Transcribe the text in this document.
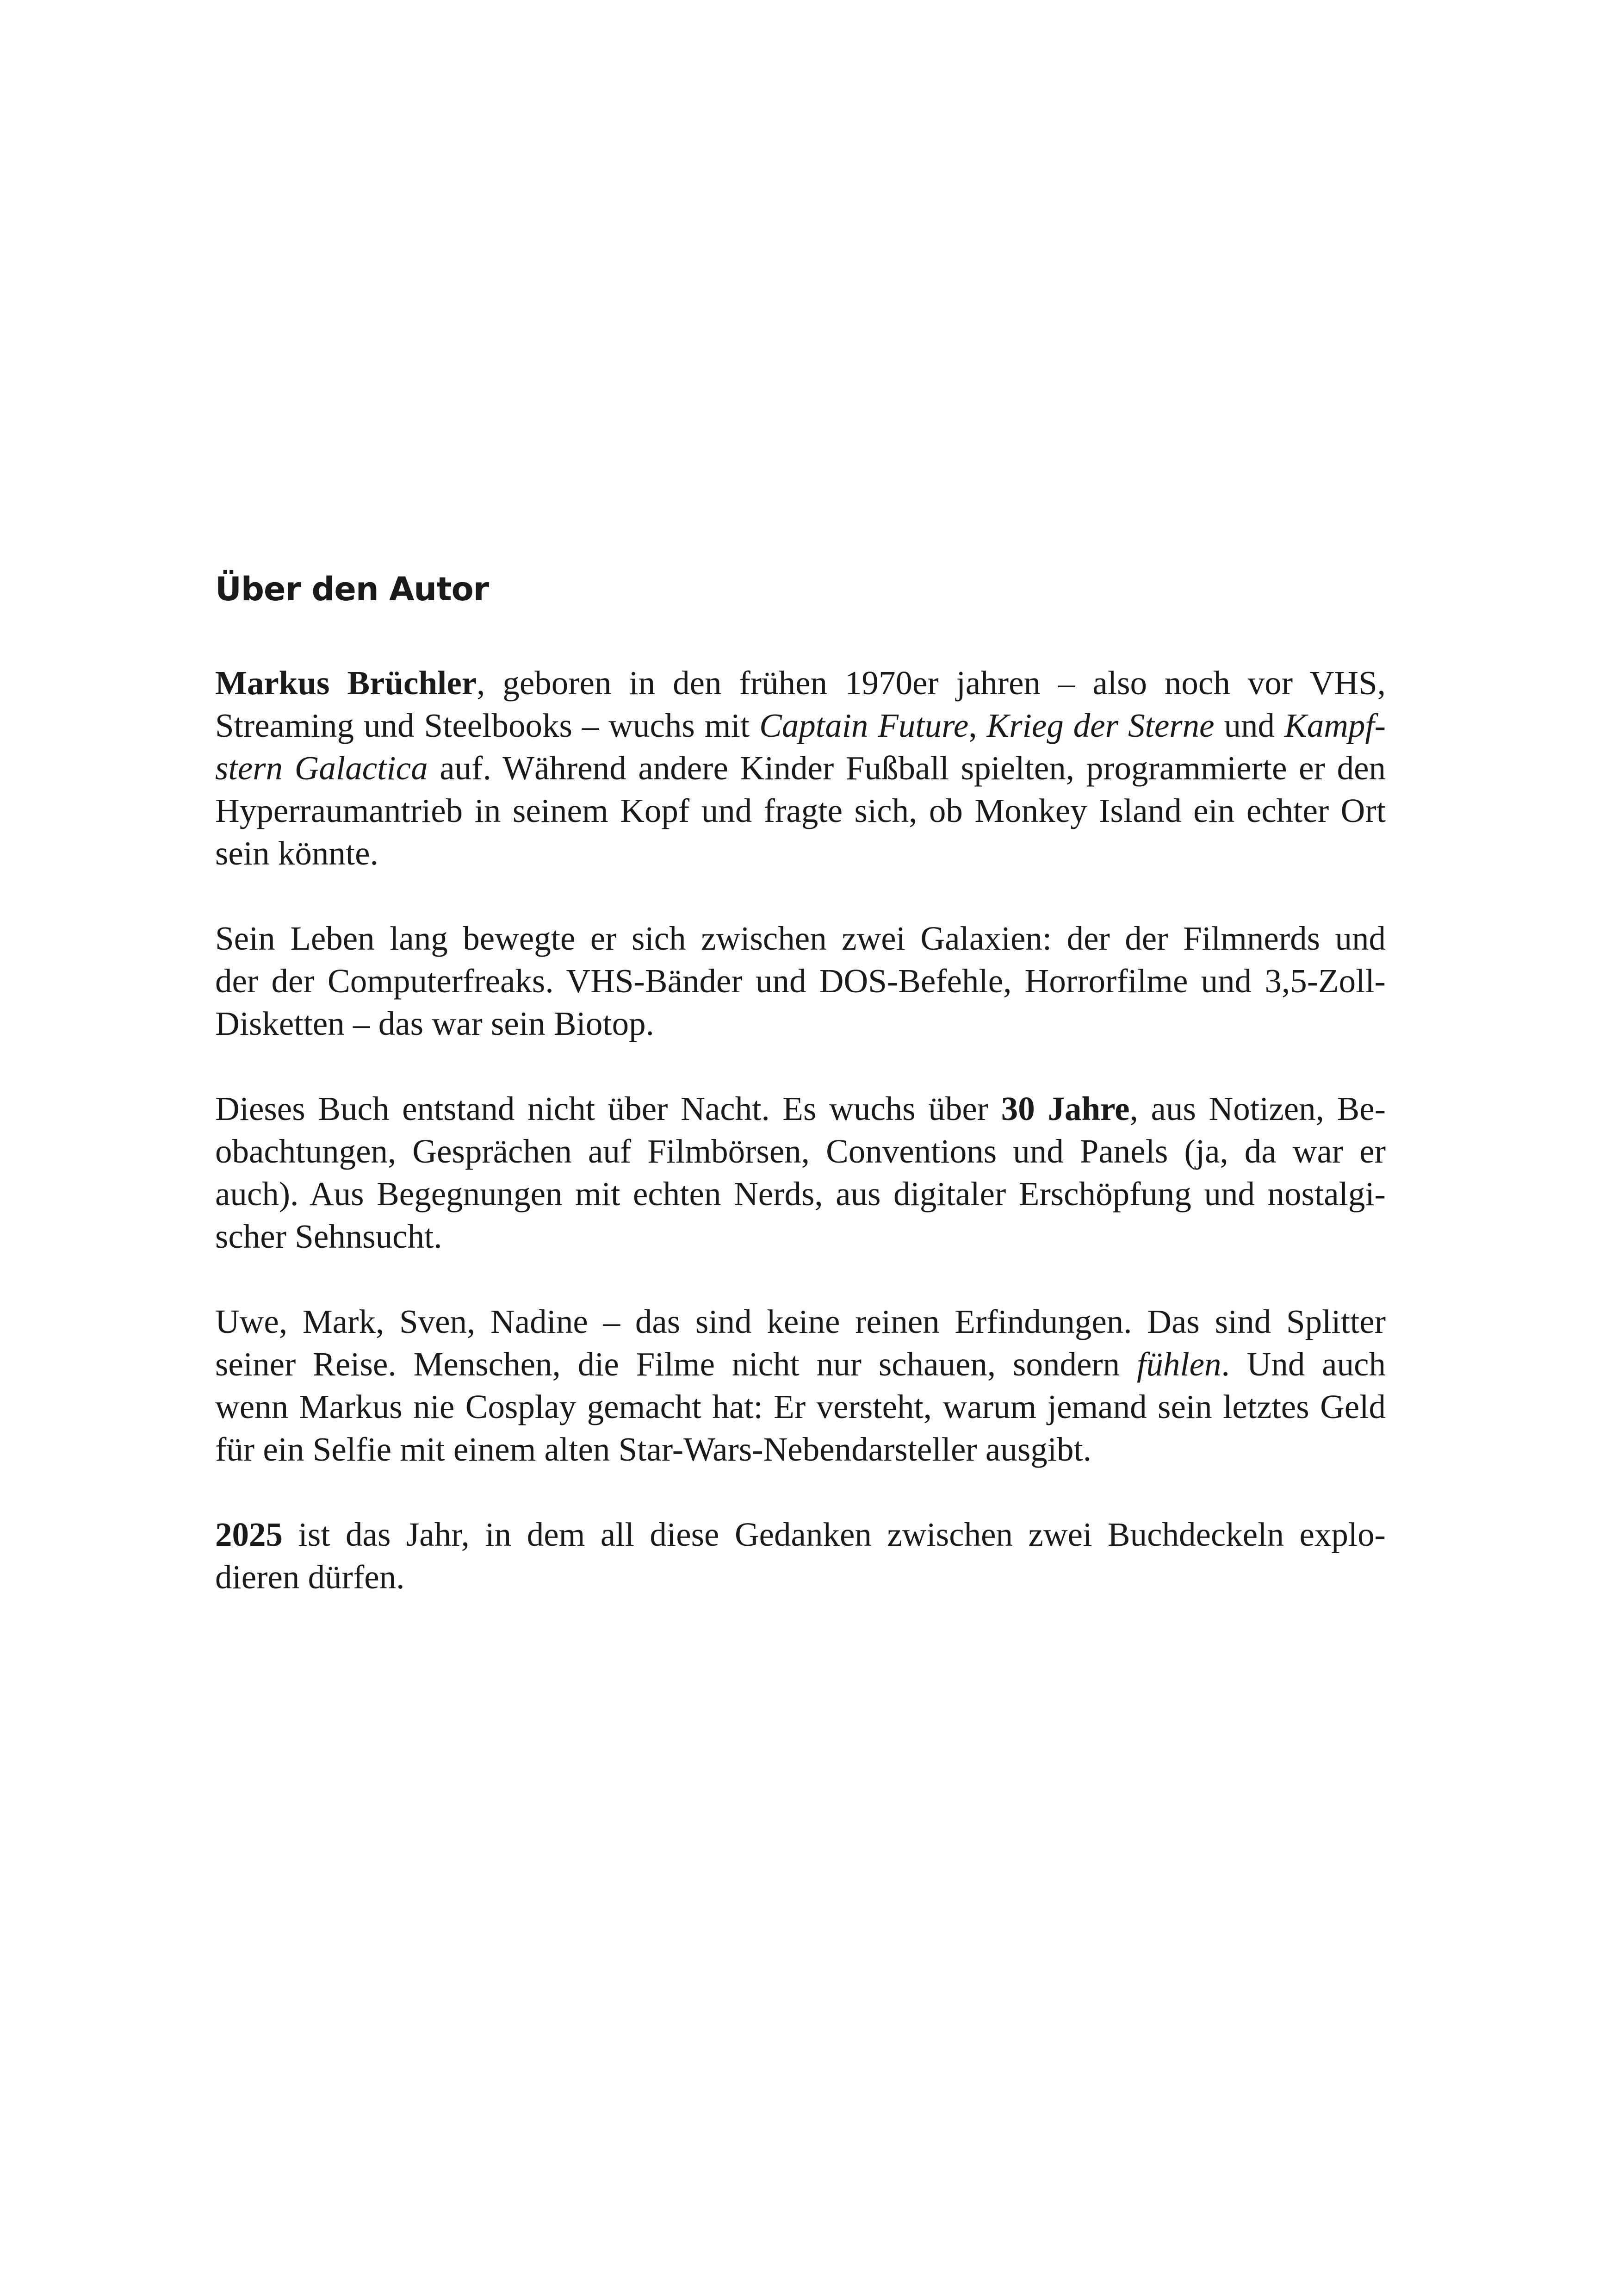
Über den Autor

Markus Brüchler, geboren in den frühen 1970er jahren – also noch vor VHS,
Streaming und Steelbooks – wuchs mit Captain Future, Krieg der Sterne und Kampf-
stern Galactica auf. Während andere Kinder Fußball spielten, programmierte er den
Hyperraumantrieb in seinem Kopf und fragte sich, ob Monkey Island ein echter Ort
sein könnte.

Sein Leben lang bewegte er sich zwischen zwei Galaxien: der der Filmnerds und
der der Computerfreaks. VHS-Bänder und DOS-Befehle, Horrorfilme und 3,5-Zoll-
Disketten – das war sein Biotop.

Dieses Buch entstand nicht über Nacht. Es wuchs über 30 Jahre, aus Notizen, Be-
obachtungen, Gesprächen auf Filmbörsen, Conventions und Panels (ja, da war er
auch). Aus Begegnungen mit echten Nerds, aus digitaler Erschöpfung und nostalgi-
scher Sehnsucht.

Uwe, Mark, Sven, Nadine – das sind keine reinen Erfindungen. Das sind Splitter
seiner Reise. Menschen, die Filme nicht nur schauen, sondern fühlen. Und auch
wenn Markus nie Cosplay gemacht hat: Er versteht, warum jemand sein letztes Geld
für ein Selfie mit einem alten Star-Wars-Nebendarsteller ausgibt.

2025 ist das Jahr, in dem all diese Gedanken zwischen zwei Buchdeckeln explo-
dieren dürfen.
